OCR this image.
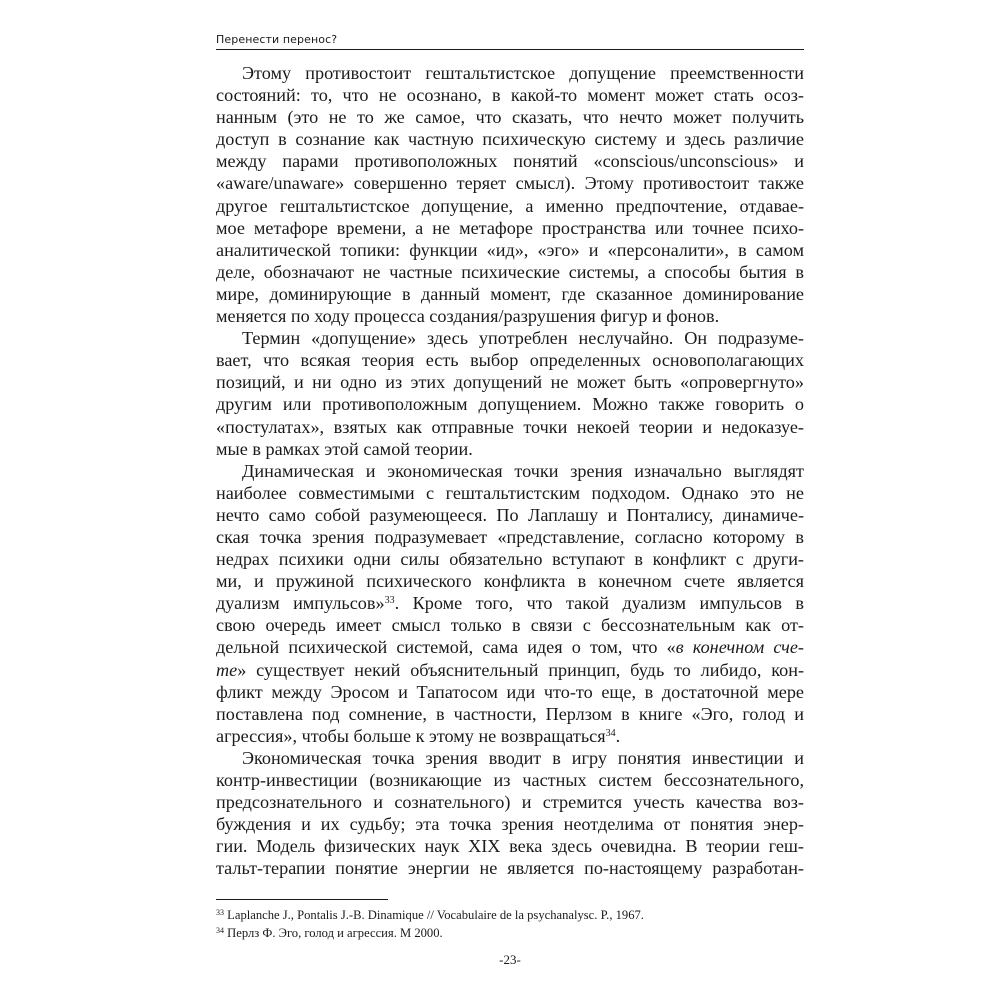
Перенести перенос?
Этому противостоит гештальтистское допущение преемственности
состояний: то, что не осознано, в какой-то момент может стать осоз-
нанным (это не то же самое, что сказать, что нечто может получить
доступ в сознание как частную психическую систему и здесь различие
между парами противоположных понятий «conscious/unconscious» и
«aware/unaware» совершенно теряет смысл). Этому противостоит также
другое гештальтистское допущение, а именно предпочтение, отдавае-
мое метафоре времени, а не метафоре пространства или точнее психо-
аналитической топики: функции «ид», «эго» и «персоналити», в самом
деле, обозначают не частные психические системы, а способы бытия в
мире, доминирующие в данный момент, где сказанное доминирование
меняется по ходу процесса создания/разрушения фигур и фонов.
Термин «допущение» здесь употреблен неслучайно. Он подразуме-
вает, что всякая теория есть выбор определенных основополагающих
позиций, и ни одно из этих допущений не может быть «опровергнуто»
другим или противоположным допущением. Можно также говорить о
«постулатах», взятых как отправные точки некоей теории и недоказуе-
мые в рамках этой самой теории.
Динамическая и экономическая точки зрения изначально выглядят
наиболее совместимыми с гештальтистским подходом. Однако это не
нечто само собой разумеющееся. По Лаплашу и Понталису, динамиче-
ская точка зрения подразумевает «представление, согласно которому в
недрах психики одни силы обязательно вступают в конфликт с други-
ми, и пружиной психического конфликта в конечном счете является
дуализм импульсов»$^{33}$. Кроме того, что такой дуализм импульсов в
свою очередь имеет смысл только в связи с бессознательным как от-
дельной психической системой, сама идея о том, что «в конечном сче-
те» существует некий объяснительный принцип, будь то либидо, кон-
фликт между Эросом и Тапатосом иди что-то еще, в достаточной мере
поставлена под сомнение, в частности, Перлзом в книге «Эго, голод и
агрессия», чтобы больше к этому не возвращаться$^{34}$.
Экономическая точка зрения вводит в игру понятия инвестиции и
контр-инвестиции (возникающие из частных систем бессознательного,
предсознательного и сознательного) и стремится учесть качества воз-
буждения и их судьбу; эта точка зрения неотделима от понятия энер-
гии. Модель физических наук XIX века здесь очевидна. В теории геш-
тальт-терапии понятие энергии не является по-настоящему разработан-
$^{33}$ Laplanche J., Pontalis J.-B. Dinamique // Vocabulaire de la psychanalysc. P., 1967.
$^{34}$ Перлз Ф. Эго, голод и агрессия. М 2000.
-23-
